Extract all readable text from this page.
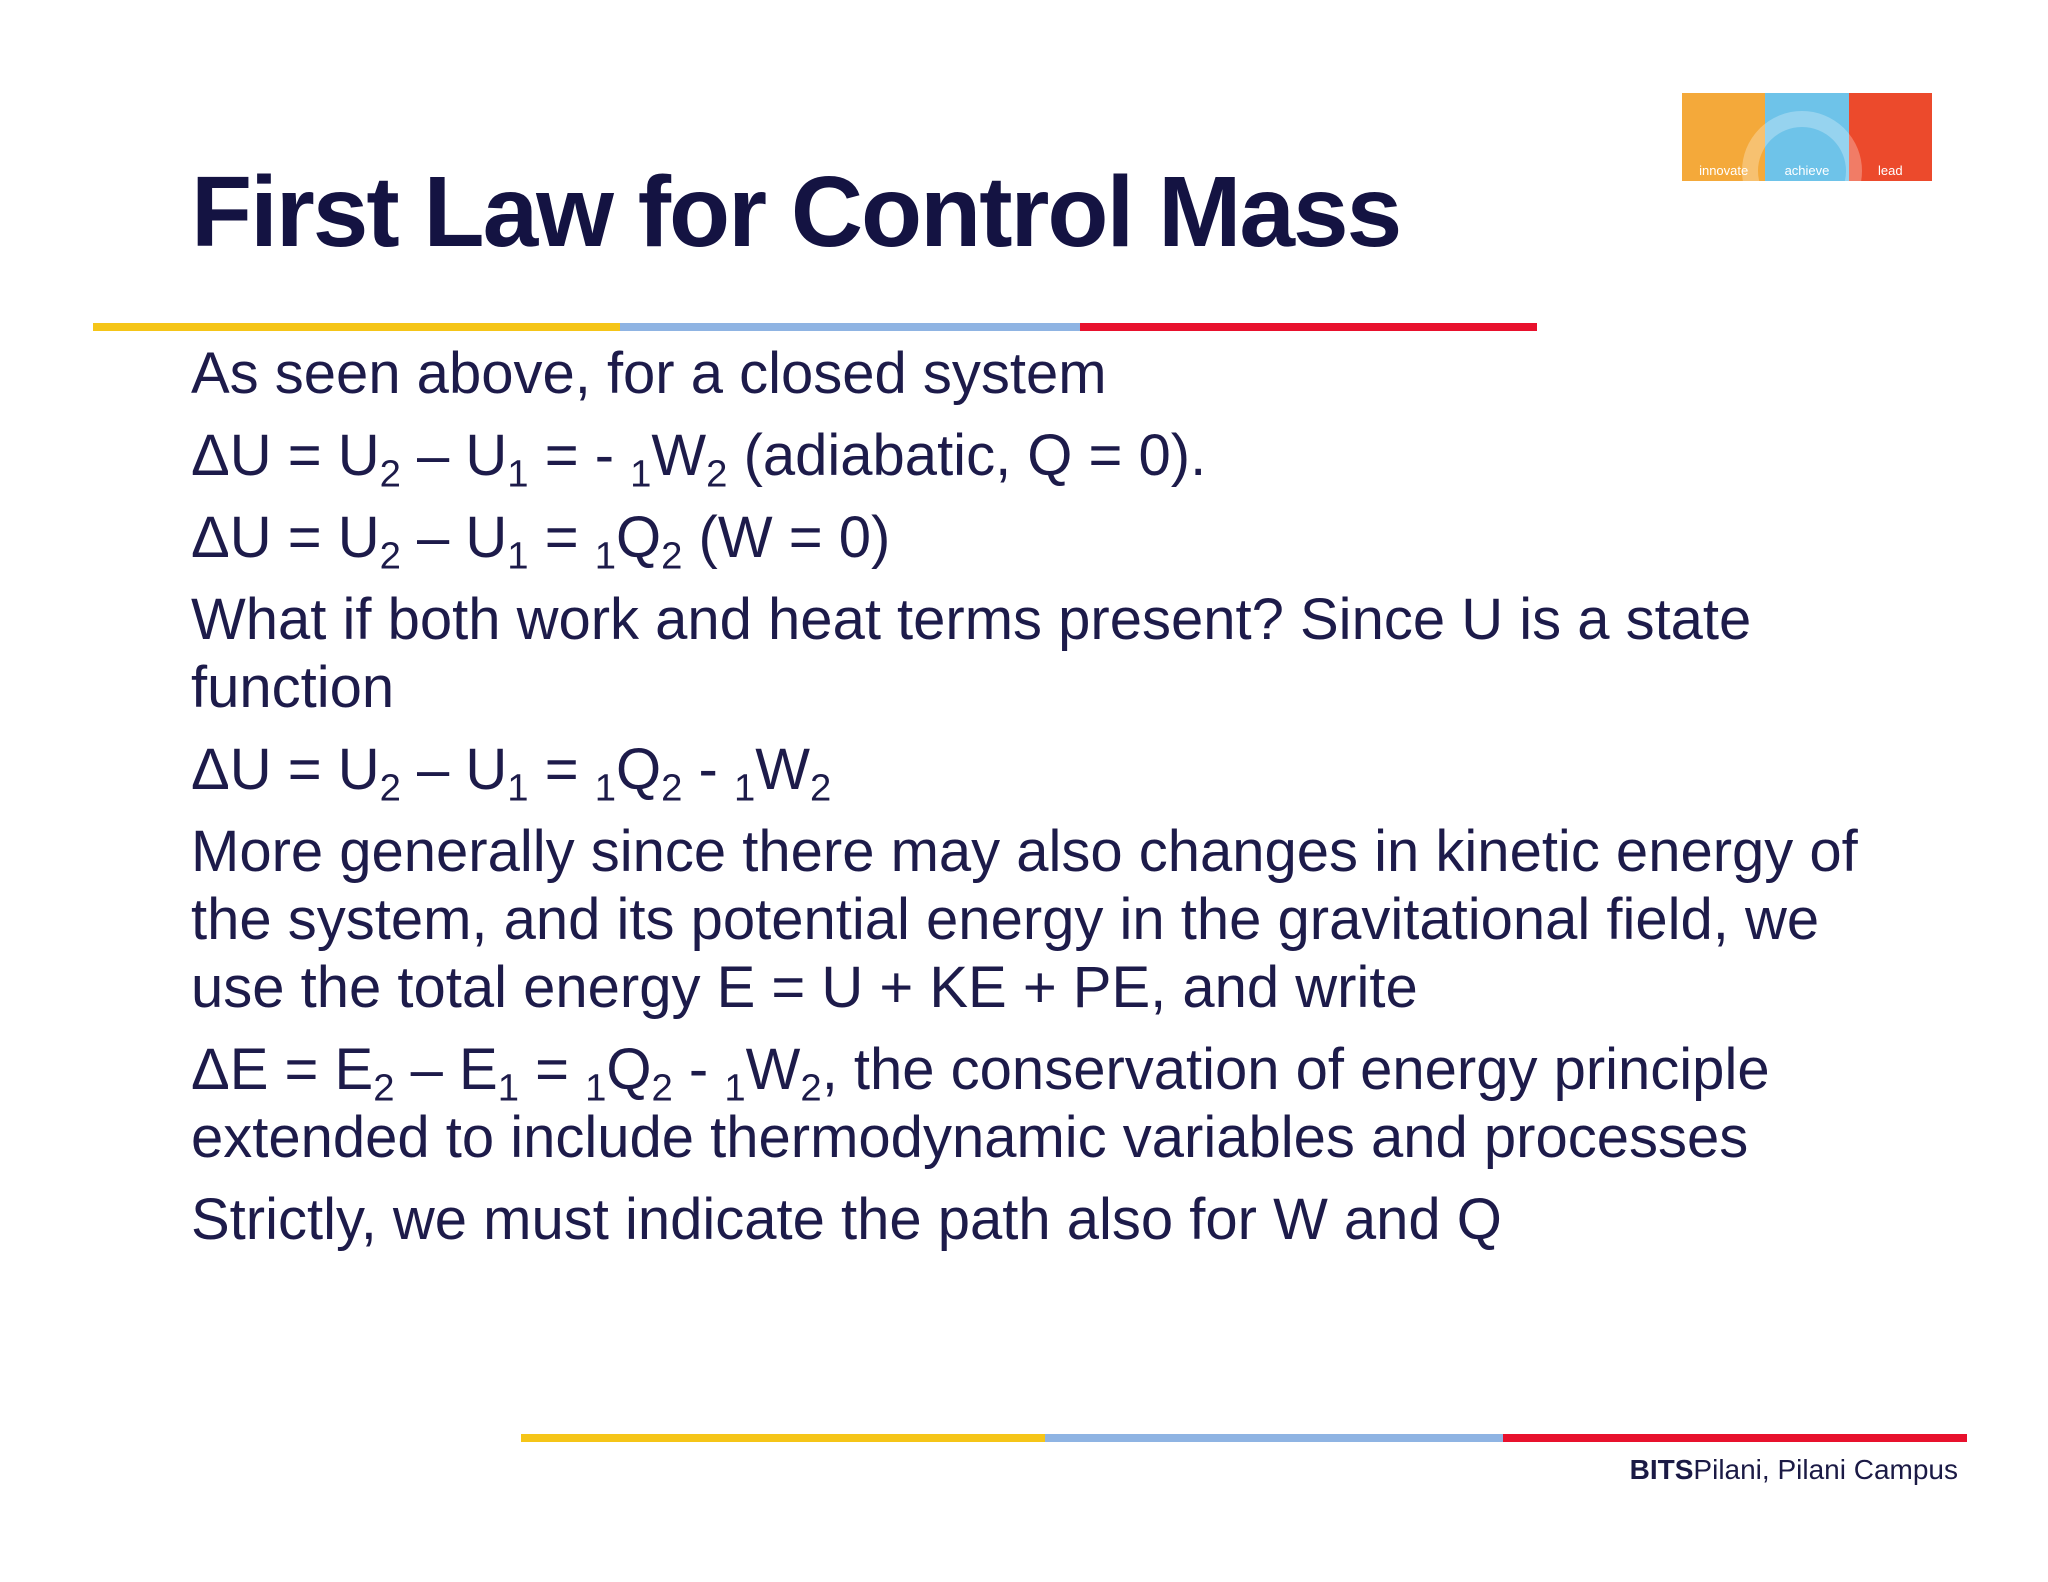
innovate	achieve	lead
First Law for Control Mass

As seen above, for a closed system

$\Delta U = U_2 - U_1$ = - $_1W_2$ (adiabatic, Q = 0).

$\Delta U = U_2 - U_1 = _1Q_2$ (W = 0)

What if both work and heat terms present? Since U is a state function

$\Delta U = U_2 - U_1 = _1Q_2 - _1W_2$

More generally since there may also changes in kinetic energy of the system, and its potential energy in the gravitational field, we use the total energy E = U + KE + PE, and write

$\Delta E = E_2 - E_1 = _1Q_2 - _1W_2$, the conservation of energy principle extended to include thermodynamic variables and processes

Strictly, we must indicate the path also for W and Q

BITSPilani, Pilani Campus
